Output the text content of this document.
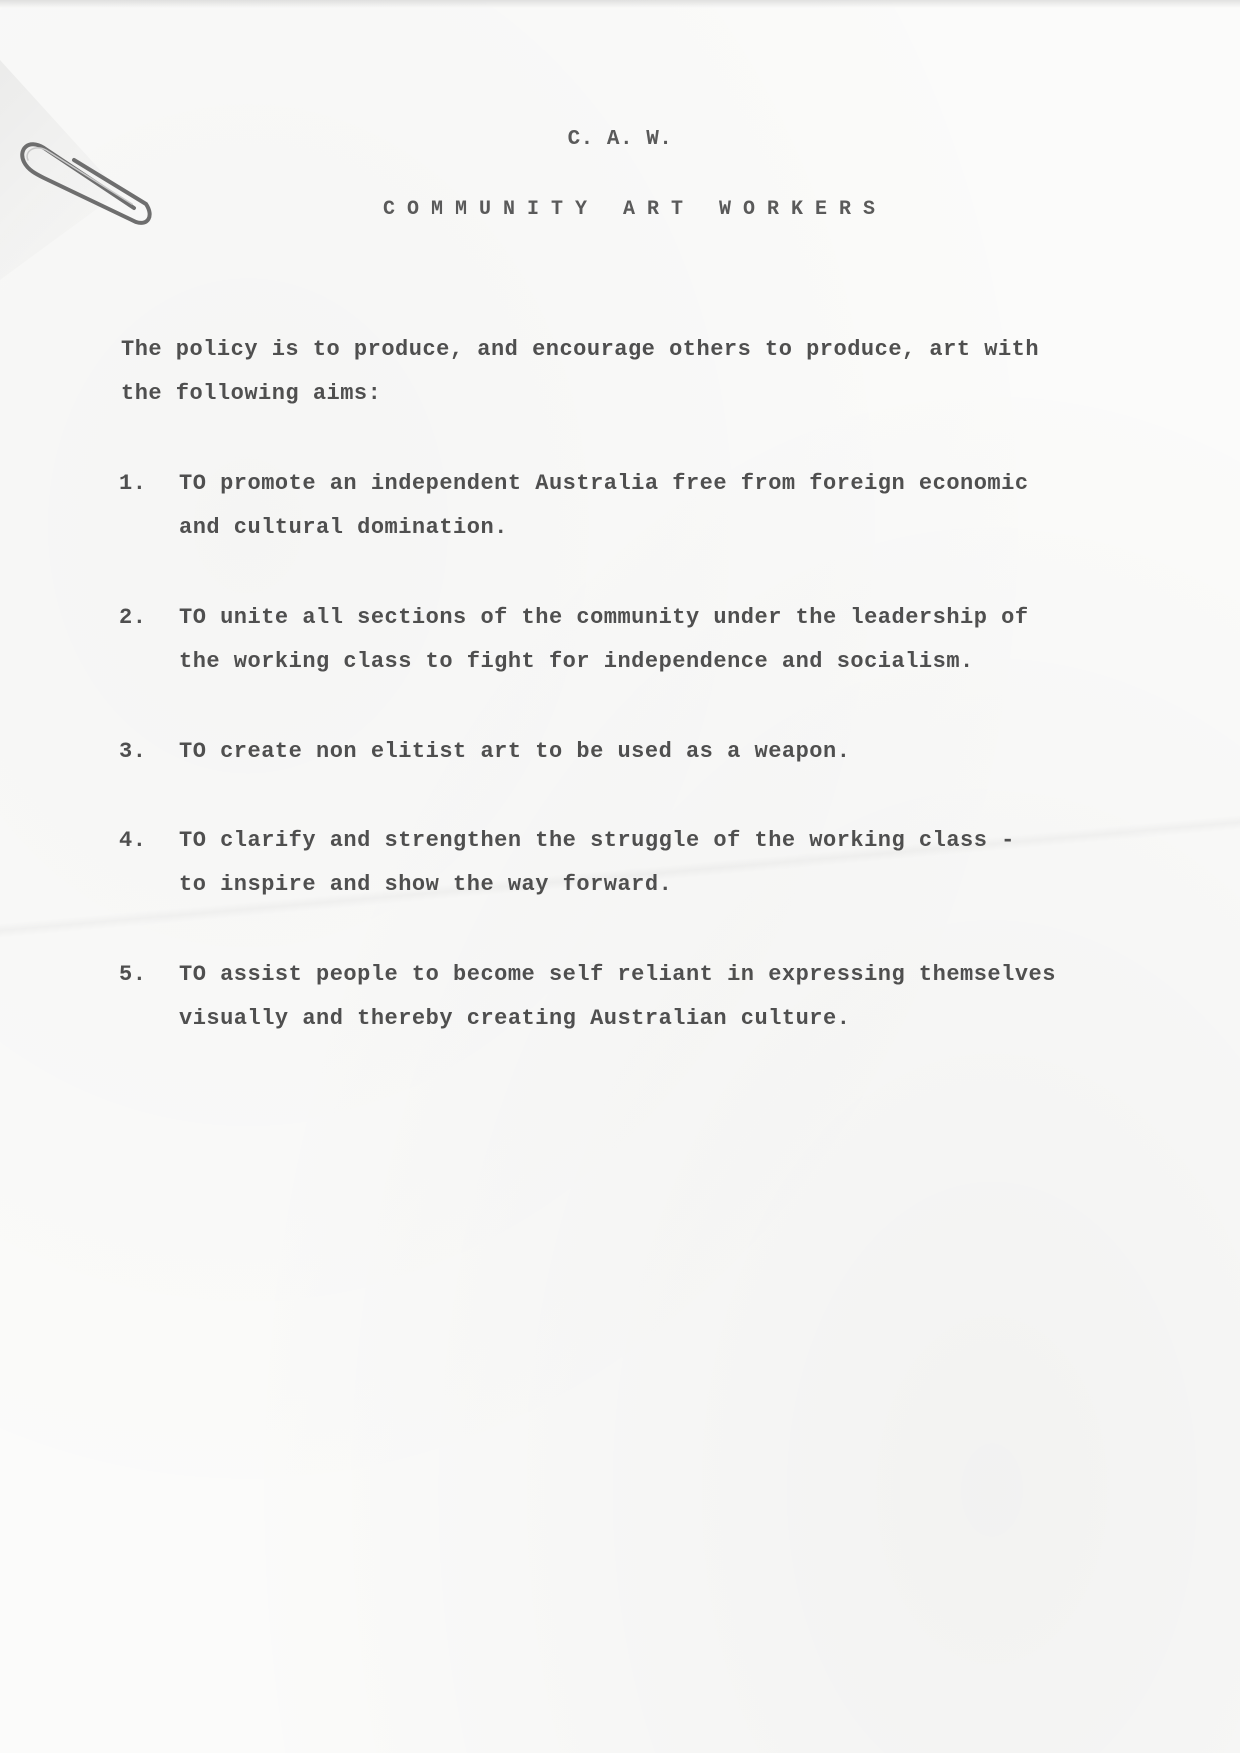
C. A. W.
COMMUNITY ART WORKERS
The policy is to produce, and encourage others to produce, art with
the following aims:
1.	TO promote an independent Australia free from foreign economic
and cultural domination.
2.	TO unite all sections of the community under the leadership of
the working class to fight for independence and socialism.
3.	TO create non elitist art to be used as a weapon.
4.	TO clarify and strengthen the struggle of the working class -
to inspire and show the way forward.
5.	TO assist people to become self reliant in expressing themselves
visually and thereby creating Australian culture.
